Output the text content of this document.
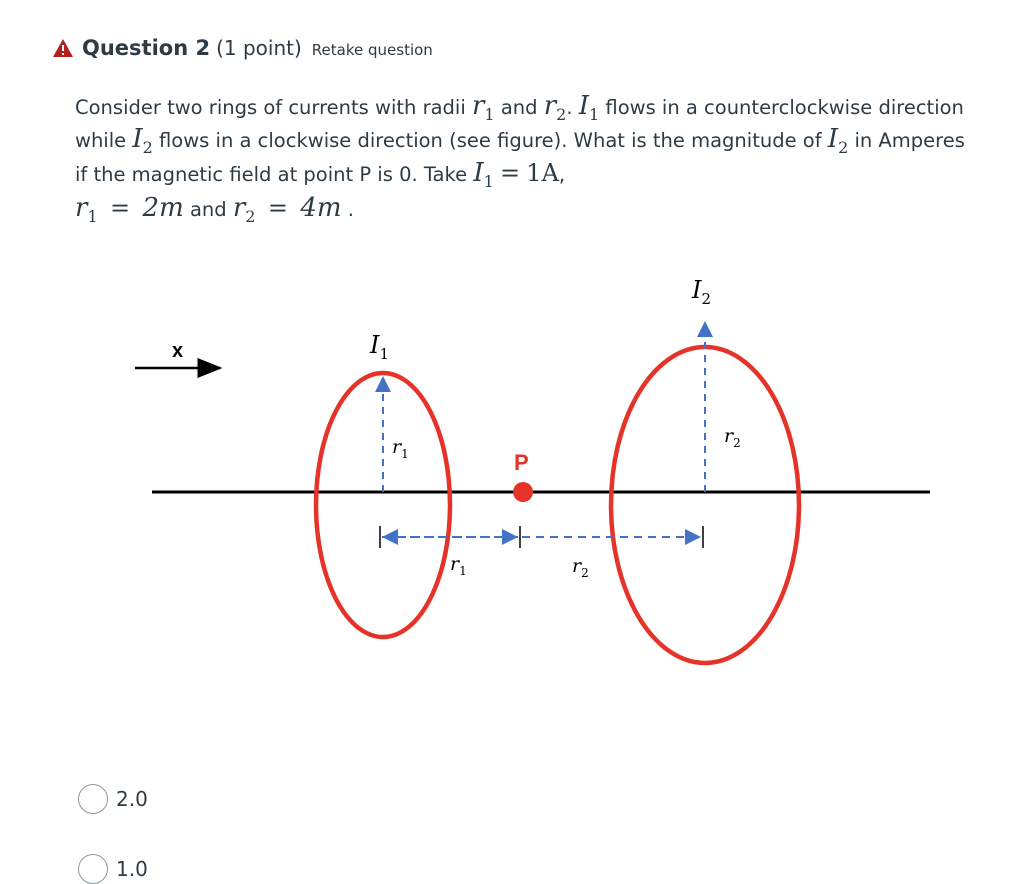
Question 2 (1 point) Retake question
Consider two rings of currents with radii $r_1$ and $r_2$. $I_1$ flows in a counterclockwise direction while $I_2$ flows in a clockwise direction (see figure). What is the magnitude of $I_2$ in Amperes if the magnetic field at point P is 0. Take $I_1 = 1A$,
$r_1 = 2m$ and $r_2 = 4m$ .
x
P
$I_1$
$I_2$
$r_1$
$r_2$
$r_1$	$r_2$
2.0
1.0
